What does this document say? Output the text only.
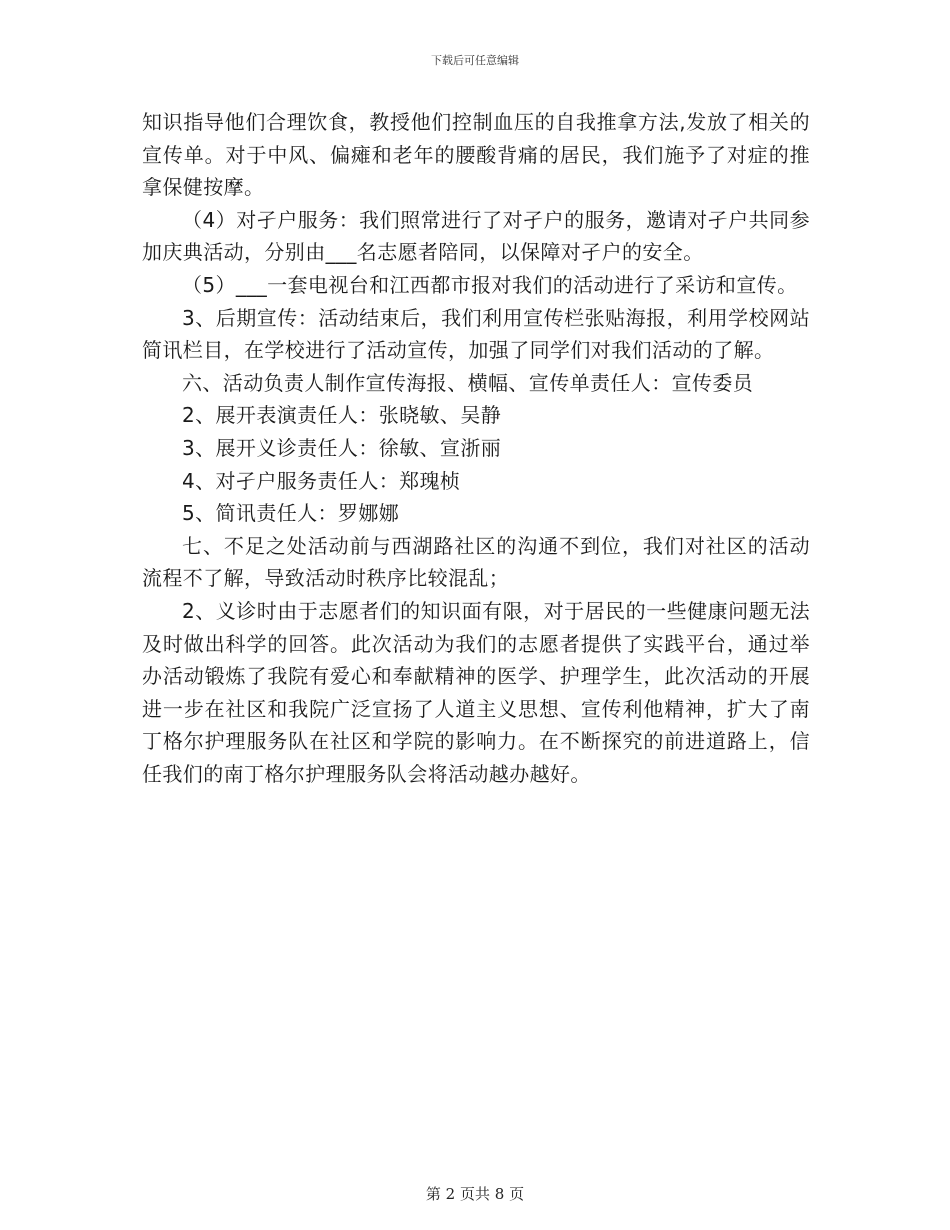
下载后可任意编辑

知识指导他们合理饮食，教授他们控制血压的自我推拿方法,发放了相关的宣传单。对于中风、偏瘫和老年的腰酸背痛的居民，我们施予了对症的推拿保健按摩。

（4）对孑户服务：我们照常进行了对孑户的服务，邀请对孑户共同参加庆典活动，分别由___名志愿者陪同，以保障对孑户的安全。

（5）___一套电视台和江西都市报对我们的活动进行了采访和宣传。

3、后期宣传：活动结束后，我们利用宣传栏张贴海报，利用学校网站简讯栏目，在学校进行了活动宣传，加强了同学们对我们活动的了解。

六、活动负责人制作宣传海报、横幅、宣传单责任人：宣传委员

2、展开表演责任人：张晓敏、吴静

3、展开义诊责任人：徐敏、宣浙丽

4、对孑户服务责任人：郑瑰桢

5、简讯责任人：罗娜娜

七、不足之处活动前与西湖路社区的沟通不到位，我们对社区的活动流程不了解，导致活动时秩序比较混乱；

2、义诊时由于志愿者们的知识面有限，对于居民的一些健康问题无法及时做出科学的回答。此次活动为我们的志愿者提供了实践平台，通过举办活动锻炼了我院有爱心和奉献精神的医学、护理学生，此次活动的开展进一步在社区和我院广泛宣扬了人道主义思想、宣传利他精神，扩大了南丁格尔护理服务队在社区和学院的影响力。在不断探究的前进道路上，信任我们的南丁格尔护理服务队会将活动越办越好。

第 2 页共 8 页
